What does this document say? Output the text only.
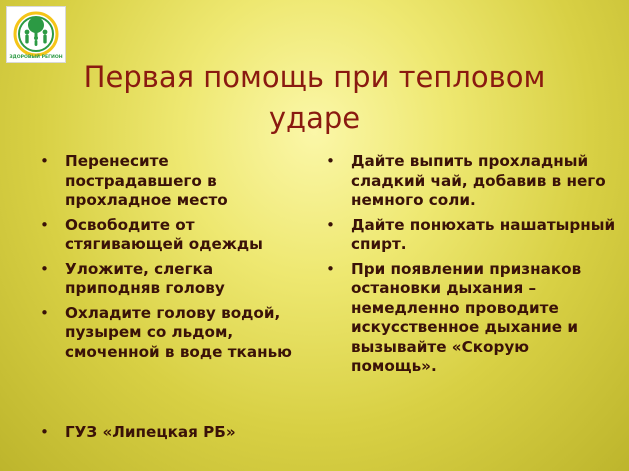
ЗДОРОВЫЙ РЕГИОН
Первая помощь при тепловом ударе
• Перенесите пострадавшего в прохладное место
• Освободите от стягивающей одежды
• Уложите, слегка приподняв голову
• Охладите голову водой, пузырем со льдом, смоченной в воде тканью
• Дайте выпить прохладный сладкий чай, добавив в него немного соли.
• Дайте понюхать нашатырный спирт.
• При появлении признаков остановки дыхания – немедленно проводите искусственное дыхание и вызывайте «Скорую помощь».
• ГУЗ «Липецкая РБ»
